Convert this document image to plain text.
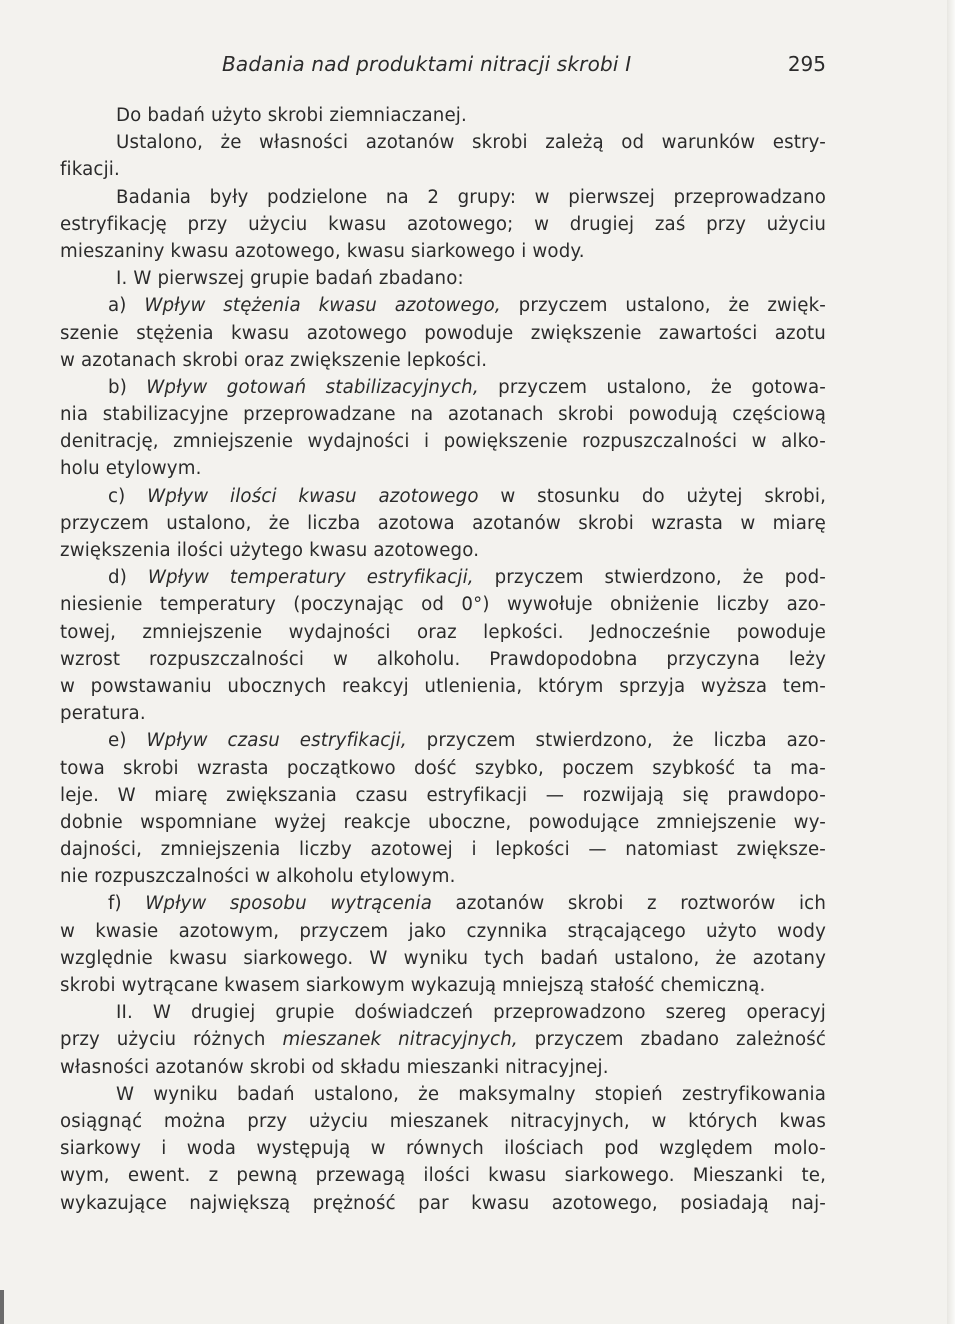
Badania nad produktami nitracji skrobi I	295
Do badań użyto skrobi ziemniaczanej.
Ustalono, że własności azotanów skrobi zależą od warunków estry-
fikacji.
Badania były podzielone na 2 grupy: w pierwszej przeprowadzano
estryfikację przy użyciu kwasu azotowego; w drugiej zaś przy użyciu
mieszaniny kwasu azotowego, kwasu siarkowego i wody.
I. W pierwszej grupie badań zbadano:
a) Wpływ stężenia kwasu azotowego, przyczem ustalono, że zwięk-
szenie stężenia kwasu azotowego powoduje zwiększenie zawartości azotu
w azotanach skrobi oraz zwiększenie lepkości.
b) Wpływ gotowań stabilizacyjnych, przyczem ustalono, że gotowa-
nia stabilizacyjne przeprowadzane na azotanach skrobi powodują częściową
denitrację, zmniejszenie wydajności i powiększenie rozpuszczalności w alko-
holu etylowym.
c) Wpływ ilości kwasu azotowego w stosunku do użytej skrobi,
przyczem ustalono, że liczba azotowa azotanów skrobi wzrasta w miarę
zwiększenia ilości użytego kwasu azotowego.
d) Wpływ temperatury estryfikacji, przyczem stwierdzono, że pod-
niesienie temperatury (poczynając od 0°) wywołuje obniżenie liczby azo-
towej, zmniejszenie wydajności oraz lepkości. Jednocześnie powoduje
wzrost rozpuszczalności w alkoholu. Prawdopodobna przyczyna leży
w powstawaniu ubocznych reakcyj utlenienia, którym sprzyja wyższa tem-
peratura.
e) Wpływ czasu estryfikacji, przyczem stwierdzono, że liczba azo-
towa skrobi wzrasta początkowo dość szybko, poczem szybkość ta ma-
leje. W miarę zwiększania czasu estryfikacji — rozwijają się prawdopo-
dobnie wspomniane wyżej reakcje uboczne, powodujące zmniejszenie wy-
dajności, zmniejszenia liczby azotowej i lepkości — natomiast zwiększe-
nie rozpuszczalności w alkoholu etylowym.
f) Wpływ sposobu wytrącenia azotanów skrobi z roztworów ich
w kwasie azotowym, przyczem jako czynnika strącającego użyto wody
względnie kwasu siarkowego. W wyniku tych badań ustalono, że azotany
skrobi wytrącane kwasem siarkowym wykazują mniejszą stałość chemiczną.
II. W drugiej grupie doświadczeń przeprowadzono szereg operacyj
przy użyciu różnych mieszanek nitracyjnych, przyczem zbadano zależność
własności azotanów skrobi od składu mieszanki nitracyjnej.
W wyniku badań ustalono, że maksymalny stopień zestryfikowania
osiągnąć można przy użyciu mieszanek nitracyjnych, w których kwas
siarkowy i woda występują w równych ilościach pod względem molo-
wym, ewent. z pewną przewagą ilości kwasu siarkowego. Mieszanki te,
wykazujące największą prężność par kwasu azotowego, posiadają naj-
